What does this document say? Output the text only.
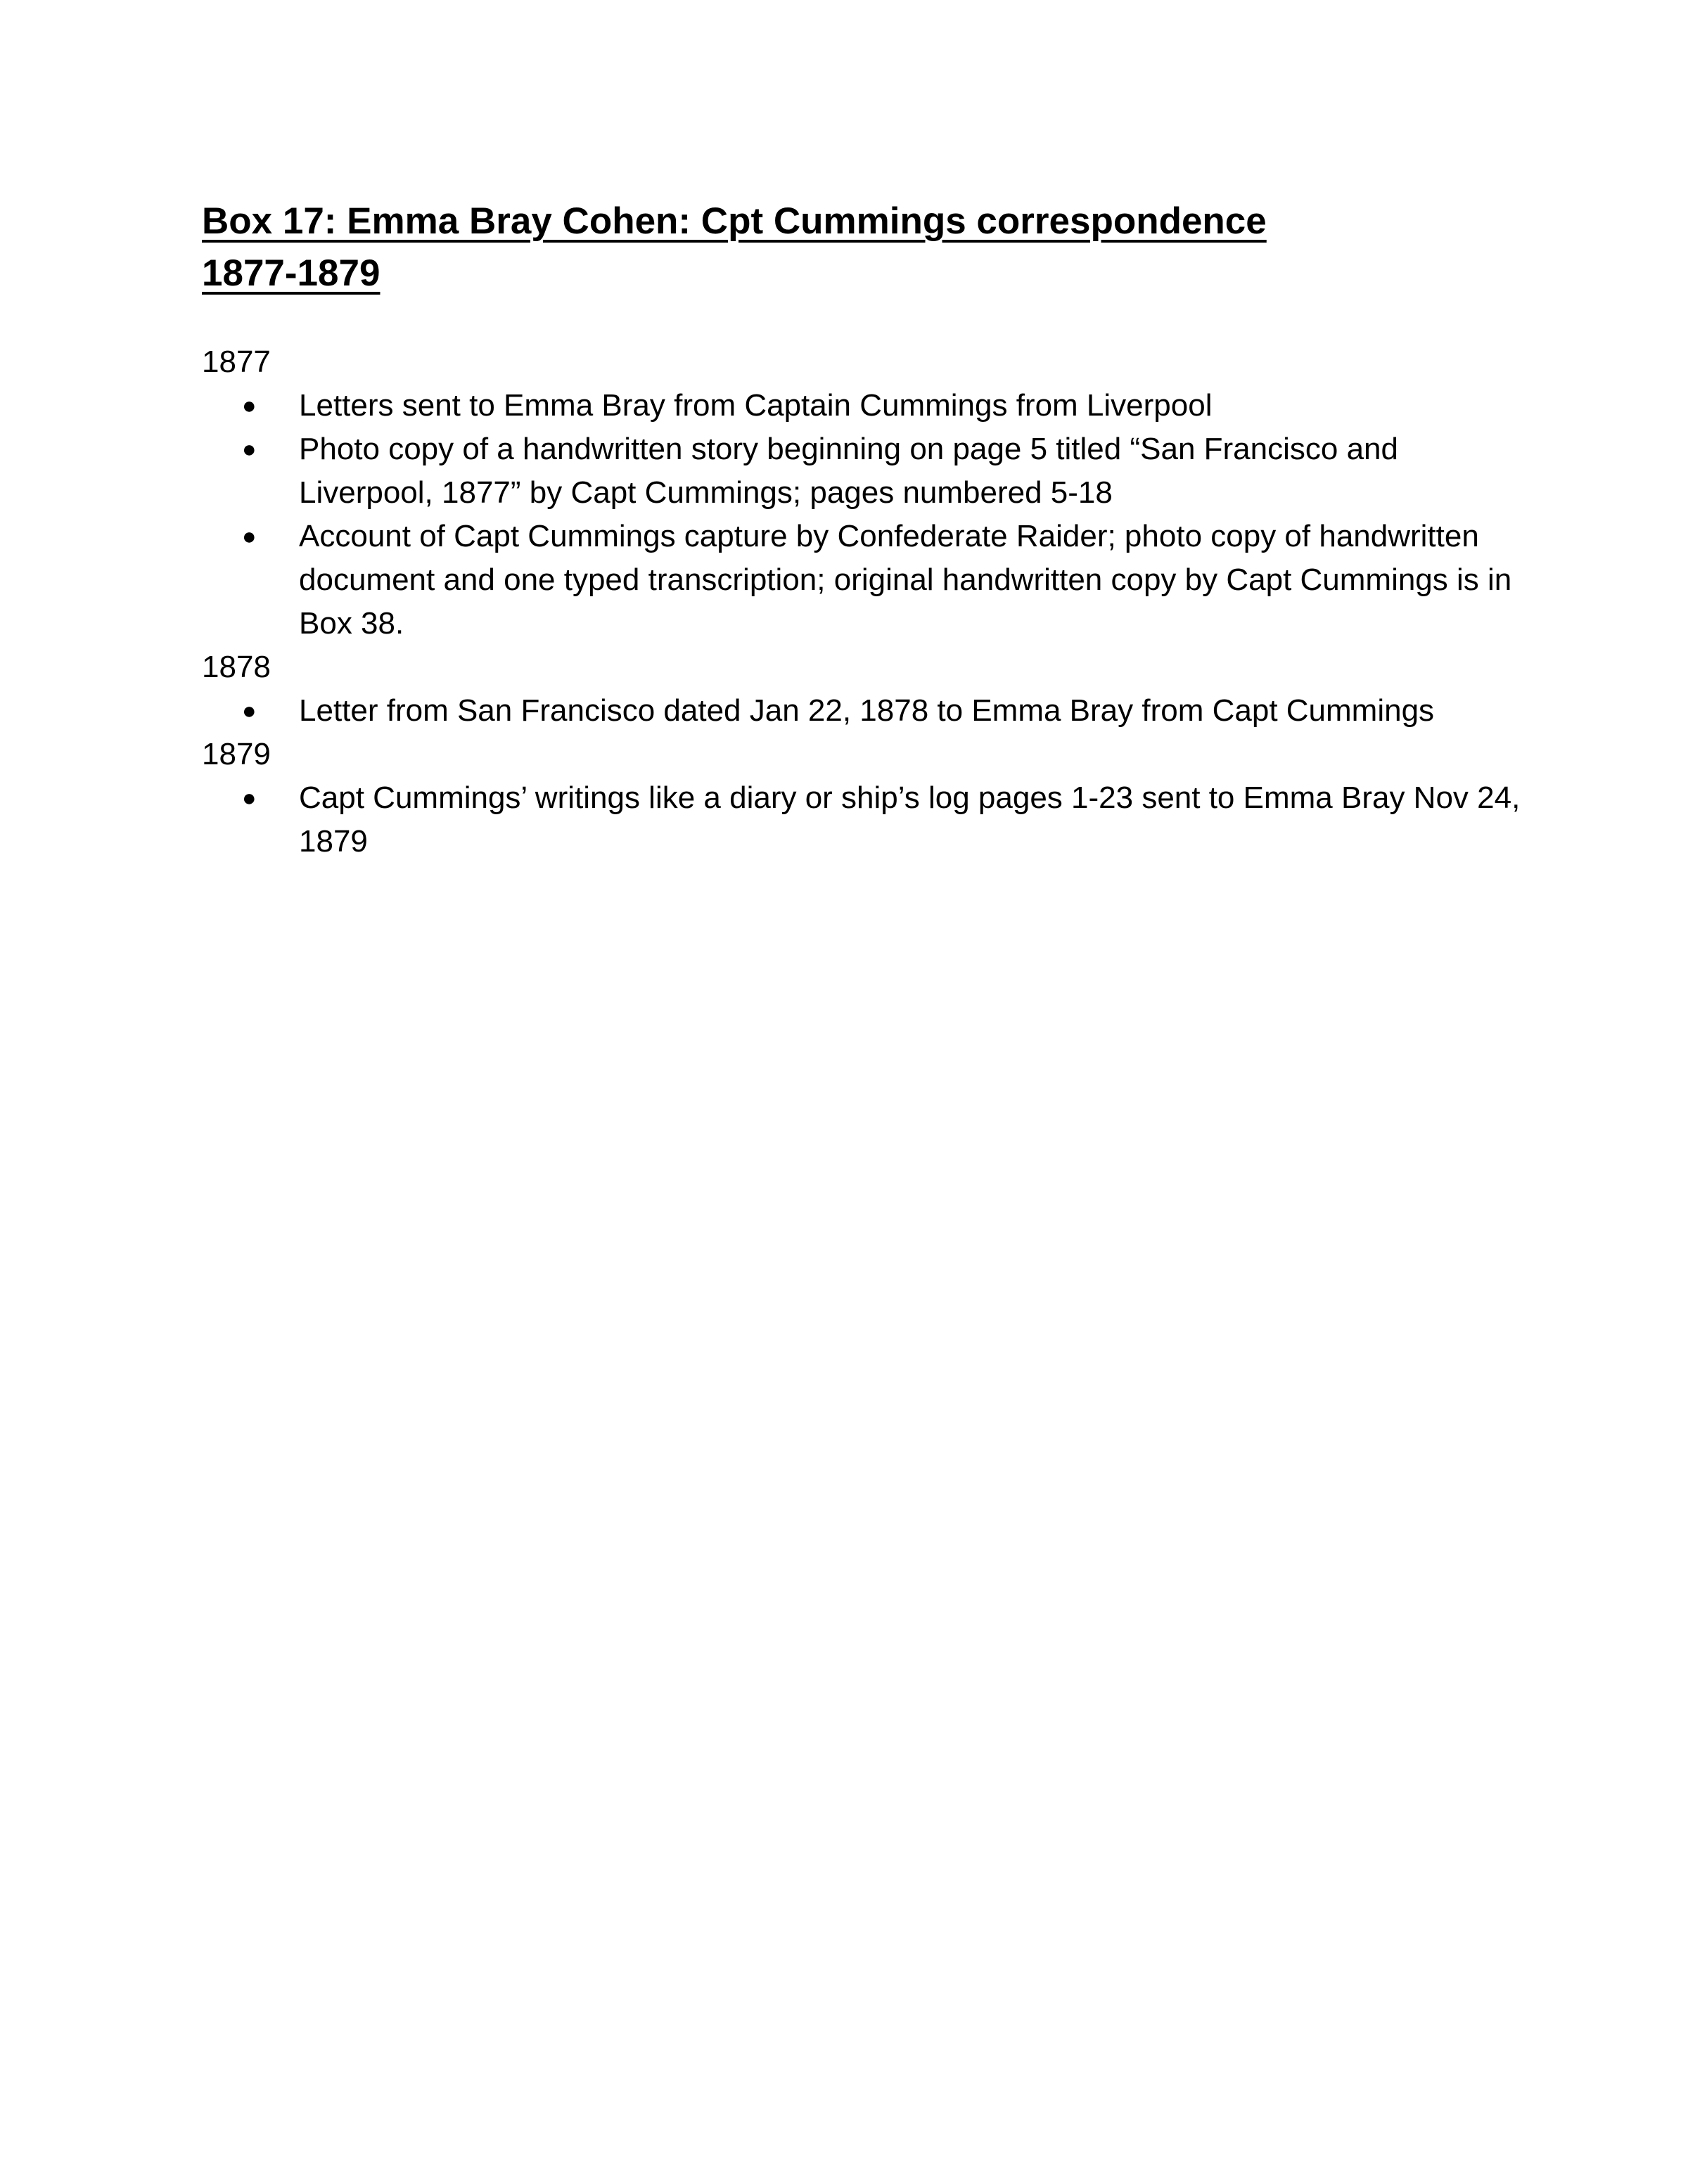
Box 17: Emma Bray Cohen: Cpt Cummings correspondence 1877-1879

1877

● Letters sent to Emma Bray from Captain Cummings from Liverpool
● Photo copy of a handwritten story beginning on page 5 titled “San Francisco and Liverpool, 1877” by Capt Cummings; pages numbered 5-18
● Account of Capt Cummings capture by Confederate Raider; photo copy of handwritten document and one typed transcription; original handwritten copy by Capt Cummings is in Box 38.

1878

● Letter from San Francisco dated Jan 22, 1878 to Emma Bray from Capt Cummings

1879

● Capt Cummings’ writings like a diary or ship’s log pages 1-23 sent to Emma Bray Nov 24, 1879
